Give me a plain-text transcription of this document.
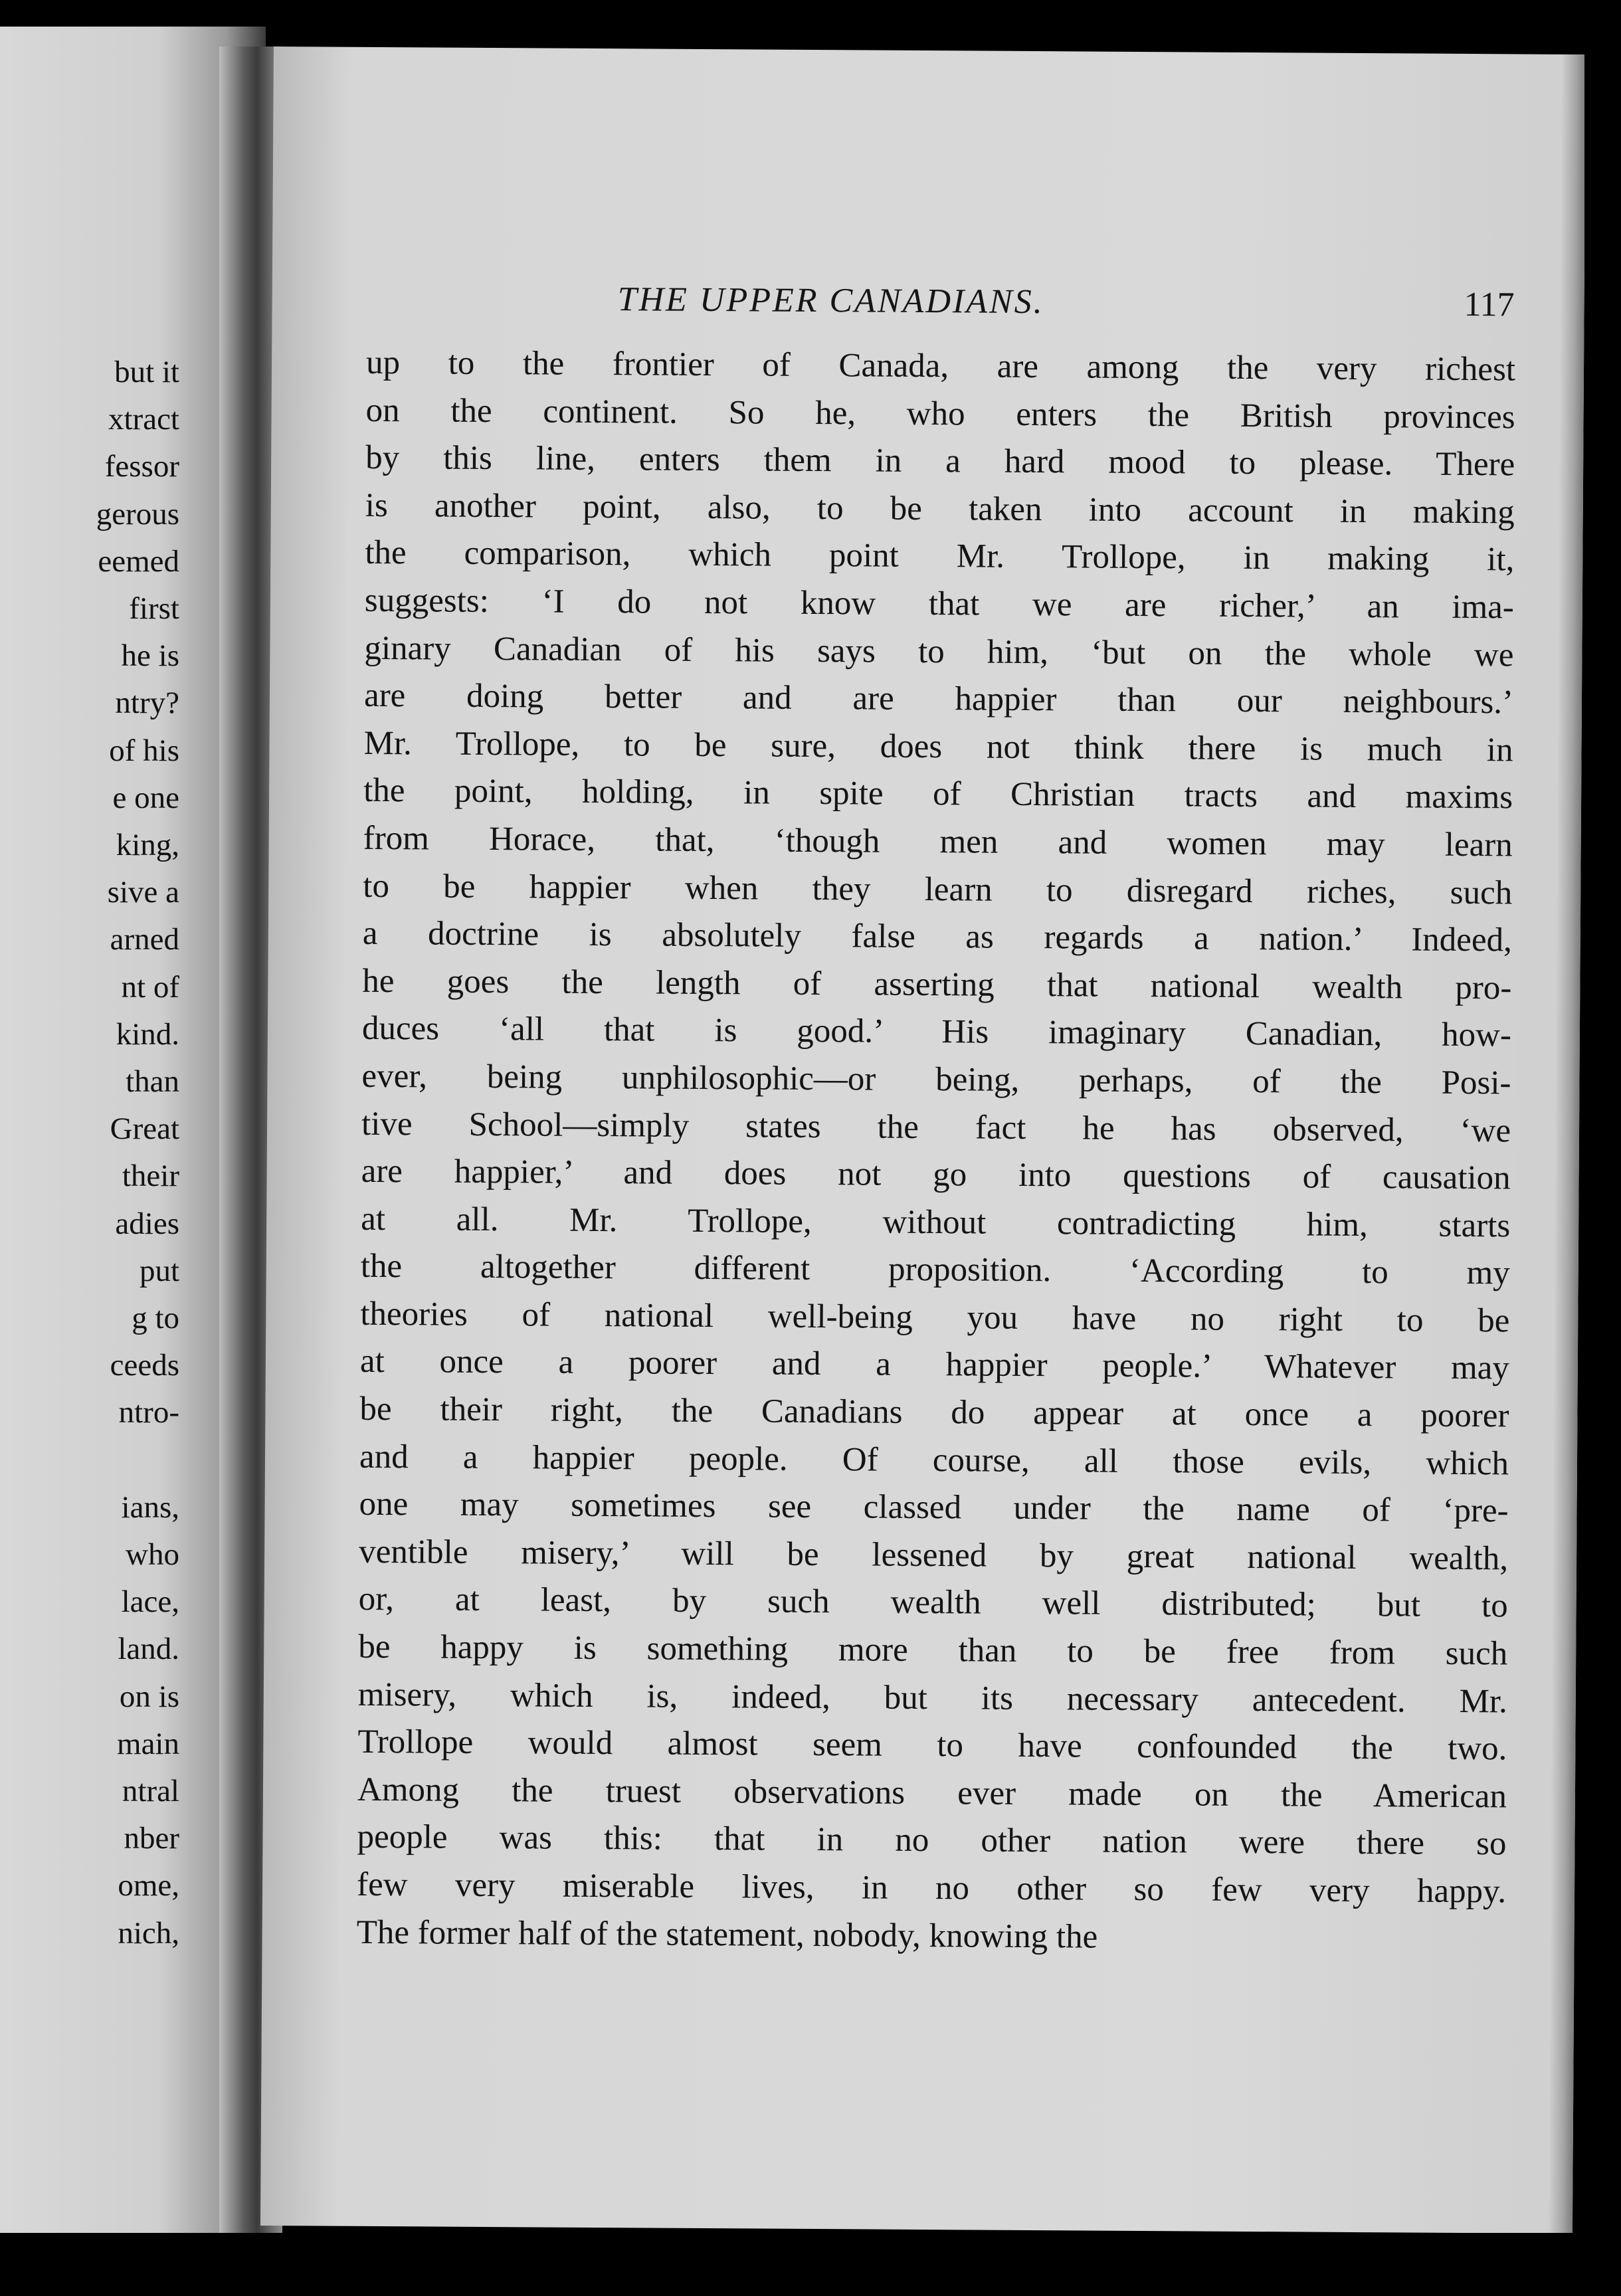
but it
xtract
fessor
gerous
eemed
first
he is
ntry?
of his
e one
king,
sive a
arned
nt of
kind.
than
Great
their
adies
put
g to
ceeds
ntro-
ians,
who
lace,
land.
on is
main
ntral
nber
ome,
nich,
THE UPPER CANADIANS.	117
up to the frontier of Canada, are among the very richest
on the continent. So he, who enters the British provinces
by this line, enters them in a hard mood to please. There
is another point, also, to be taken into account in making
the comparison, which point Mr. Trollope, in making it,
suggests: ‘I do not know that we are richer,’ an ima-
ginary Canadian of his says to him, ‘but on the whole we
are doing better and are happier than our neighbours.’
Mr. Trollope, to be sure, does not think there is much in
the point, holding, in spite of Christian tracts and maxims
from Horace, that, ‘though men and women may learn
to be happier when they learn to disregard riches, such
a doctrine is absolutely false as regards a nation.’ Indeed,
he goes the length of asserting that national wealth pro-
duces ‘all that is good.’ His imaginary Canadian, how-
ever, being unphilosophic—or being, perhaps, of the Posi-
tive School—simply states the fact he has observed, ‘we
are happier,’ and does not go into questions of causation
at all. Mr. Trollope, without contradicting him, starts
the altogether different proposition. ‘According to my
theories of national well-being you have no right to be
at once a poorer and a happier people.’ Whatever may
be their right, the Canadians do appear at once a poorer
and a happier people. Of course, all those evils, which
one may sometimes see classed under the name of ‘pre-
ventible misery,’ will be lessened by great national wealth,
or, at least, by such wealth well distributed; but to
be happy is something more than to be free from such
misery, which is, indeed, but its necessary antecedent. Mr.
Trollope would almost seem to have confounded the two.
Among the truest observations ever made on the American
people was this: that in no other nation were there so
few very miserable lives, in no other so few very happy.
The former half of the statement, nobody, knowing the
